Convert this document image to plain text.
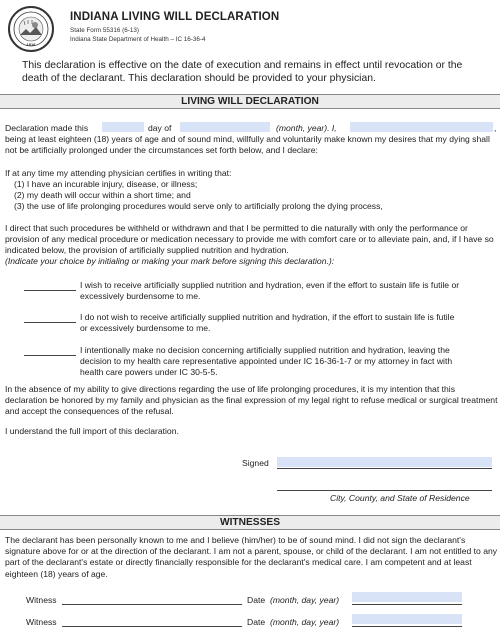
1816
INDIANA LIVING WILL DECLARATION
State Form 55316 (6-13)
Indiana State Department of Health – IC 16-36-4
This declaration is effective on the date of execution and remains in effect until revocation or the death of the declarant. This declaration should be provided to your physician.
LIVING WILL DECLARATION
Declaration made this	day of	(month, year). I,	,
being at least eighteen (18) years of age and of sound mind, willfully and voluntarily make known my desires that my dying shall not be artificially prolonged under the circumstances set forth below, and I declare:
If at any time my attending physician certifies in writing that:
(1) I have an incurable injury, disease, or illness;
(2) my death will occur within a short time; and
(3) the use of life prolonging procedures would serve only to artificially prolong the dying process,
I direct that such procedures be withheld or withdrawn and that I be permitted to die naturally with only the performance or provision of any medical procedure or medication necessary to provide me with comfort care or to alleviate pain, and, if I have so indicated below, the provision of artificially supplied nutrition and hydration.
(Indicate your choice by initialing or making your mark before signing this declaration.):
I wish to receive artificially supplied nutrition and hydration, even if the effort to sustain life is futile or excessively burdensome to me.
I do not wish to receive artificially supplied nutrition and hydration, if the effort to sustain life is futile or excessively burdensome to me.
I intentionally make no decision concerning artificially supplied nutrition and hydration, leaving the decision to my health care representative appointed under IC 16-36-1-7 or my attorney in fact with health care powers under IC 30-5-5.
In the absence of my ability to give directions regarding the use of life prolonging procedures, it is my intention that this declaration be honored by my family and physician as the final expression of my legal right to refuse medical or surgical treatment and accept the consequences of the refusal.
I understand the full import of this declaration.
Signed
City, County, and State of Residence
WITNESSES
The declarant has been personally known to me and I believe (him/her) to be of sound mind. I did not sign the declarant's signature above for or at the direction of the declarant. I am not a parent, spouse, or child of the declarant. I am not entitled to any part of the declarant's estate or directly financially responsible for the declarant's medical care. I am competent and at least eighteen (18) years of age.
Witness	Date (month, day, year)
Witness	Date (month, day, year)
